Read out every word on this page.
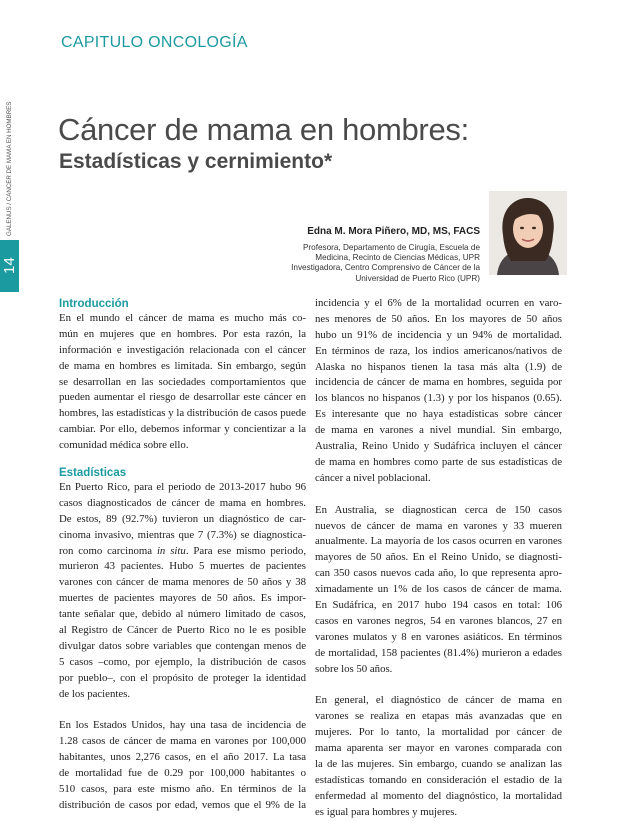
CAPITULO ONCOLOGÍA
GALENUS / CÁNCER DE MAMA EN HOMBRES
14
Cáncer de mama en hombres:
Estadísticas y cernimiento*
Edna M. Mora Piñero, MD, MS, FACS
Profesora, Departamento de Cirugía, Escuela de
Medicina, Recinto de Ciencias Médicas, UPR
Investigadora, Centro Comprensivo de Cáncer de la
Universidad de Puerto Rico (UPR)
Introducción

En el mundo el cáncer de mama es mucho más co-
mún en mujeres que en hombres. Por esta razón, la
información e investigación relacionada con el cáncer
de mama en hombres es limitada. Sin embargo, según
se desarrollan en las sociedades comportamientos que
pueden aumentar el riesgo de desarrollar este cáncer en
hombres, las estadísticas y la distribución de casos puede
cambiar. Por ello, debemos informar y concientizar a la
comunidad médica sobre ello.

Estadísticas

En Puerto Rico, para el periodo de 2013-2017 hubo 96
casos diagnosticados de cáncer de mama en hombres.
De estos, 89 (92.7%) tuvieron un diagnóstico de car-
cinoma invasivo, mientras que 7 (7.3%) se diagnostica-
ron como carcinoma in situ. Para ese mismo periodo,
murieron 43 pacientes. Hubo 5 muertes de pacientes
varones con cáncer de mama menores de 50 años y 38
muertes de pacientes mayores de 50 años. Es impor-
tante señalar que, debido al número limitado de casos,
al Registro de Cáncer de Puerto Rico no le es posible
divulgar datos sobre variables que contengan menos de
5 casos –como, por ejemplo, la distribución de casos
por pueblo–, con el propósito de proteger la identidad
de los pacientes.

En los Estados Unidos, hay una tasa de incidencia de
1.28 casos de cáncer de mama en varones por 100,000
habitantes, unos 2,276 casos, en el año 2017. La tasa
de mortalidad fue de 0.29 por 100,000 habitantes o
510 casos, para este mismo año. En términos de la
distribución de casos por edad, vemos que el 9% de la

incidencia y el 6% de la mortalidad ocurren en varo-
nes menores de 50 años. En los mayores de 50 años
hubo un 91% de incidencia y un 94% de mortalidad.
En términos de raza, los indios americanos/nativos de
Alaska no hispanos tienen la tasa más alta (1.9) de
incidencia de cáncer de mama en hombres, seguida por
los blancos no hispanos (1.3) y por los hispanos (0.65).
Es interesante que no haya estadísticas sobre cáncer
de mama en varones a nivel mundial. Sin embargo,
Australia, Reino Unido y Sudáfrica incluyen el cáncer
de mama en hombres como parte de sus estadísticas de
cáncer a nivel poblacional.

En Australia, se diagnostican cerca de 150 casos
nuevos de cáncer de mama en varones y 33 mueren
anualmente. La mayoría de los casos ocurren en varones
mayores de 50 años. En el Reino Unido, se diagnosti-
can 350 casos nuevos cada año, lo que representa apro-
ximadamente un 1% de los casos de cáncer de mama.
En Sudáfrica, en 2017 hubo 194 casos en total: 106
casos en varones negros, 54 en varones blancos, 27 en
varones mulatos y 8 en varones asiáticos. En términos
de mortalidad, 158 pacientes (81.4%) murieron a edades
sobre los 50 años.

En general, el diagnóstico de cáncer de mama en
varones se realiza en etapas más avanzadas que en
mujeres. Por lo tanto, la mortalidad por cáncer de
mama aparenta ser mayor en varones comparada con
la de las mujeres. Sin embargo, cuando se analizan las
estadísticas tomando en consideración el estadio de la
enfermedad al momento del diagnóstico, la mortalidad
es igual para hombres y mujeres.
